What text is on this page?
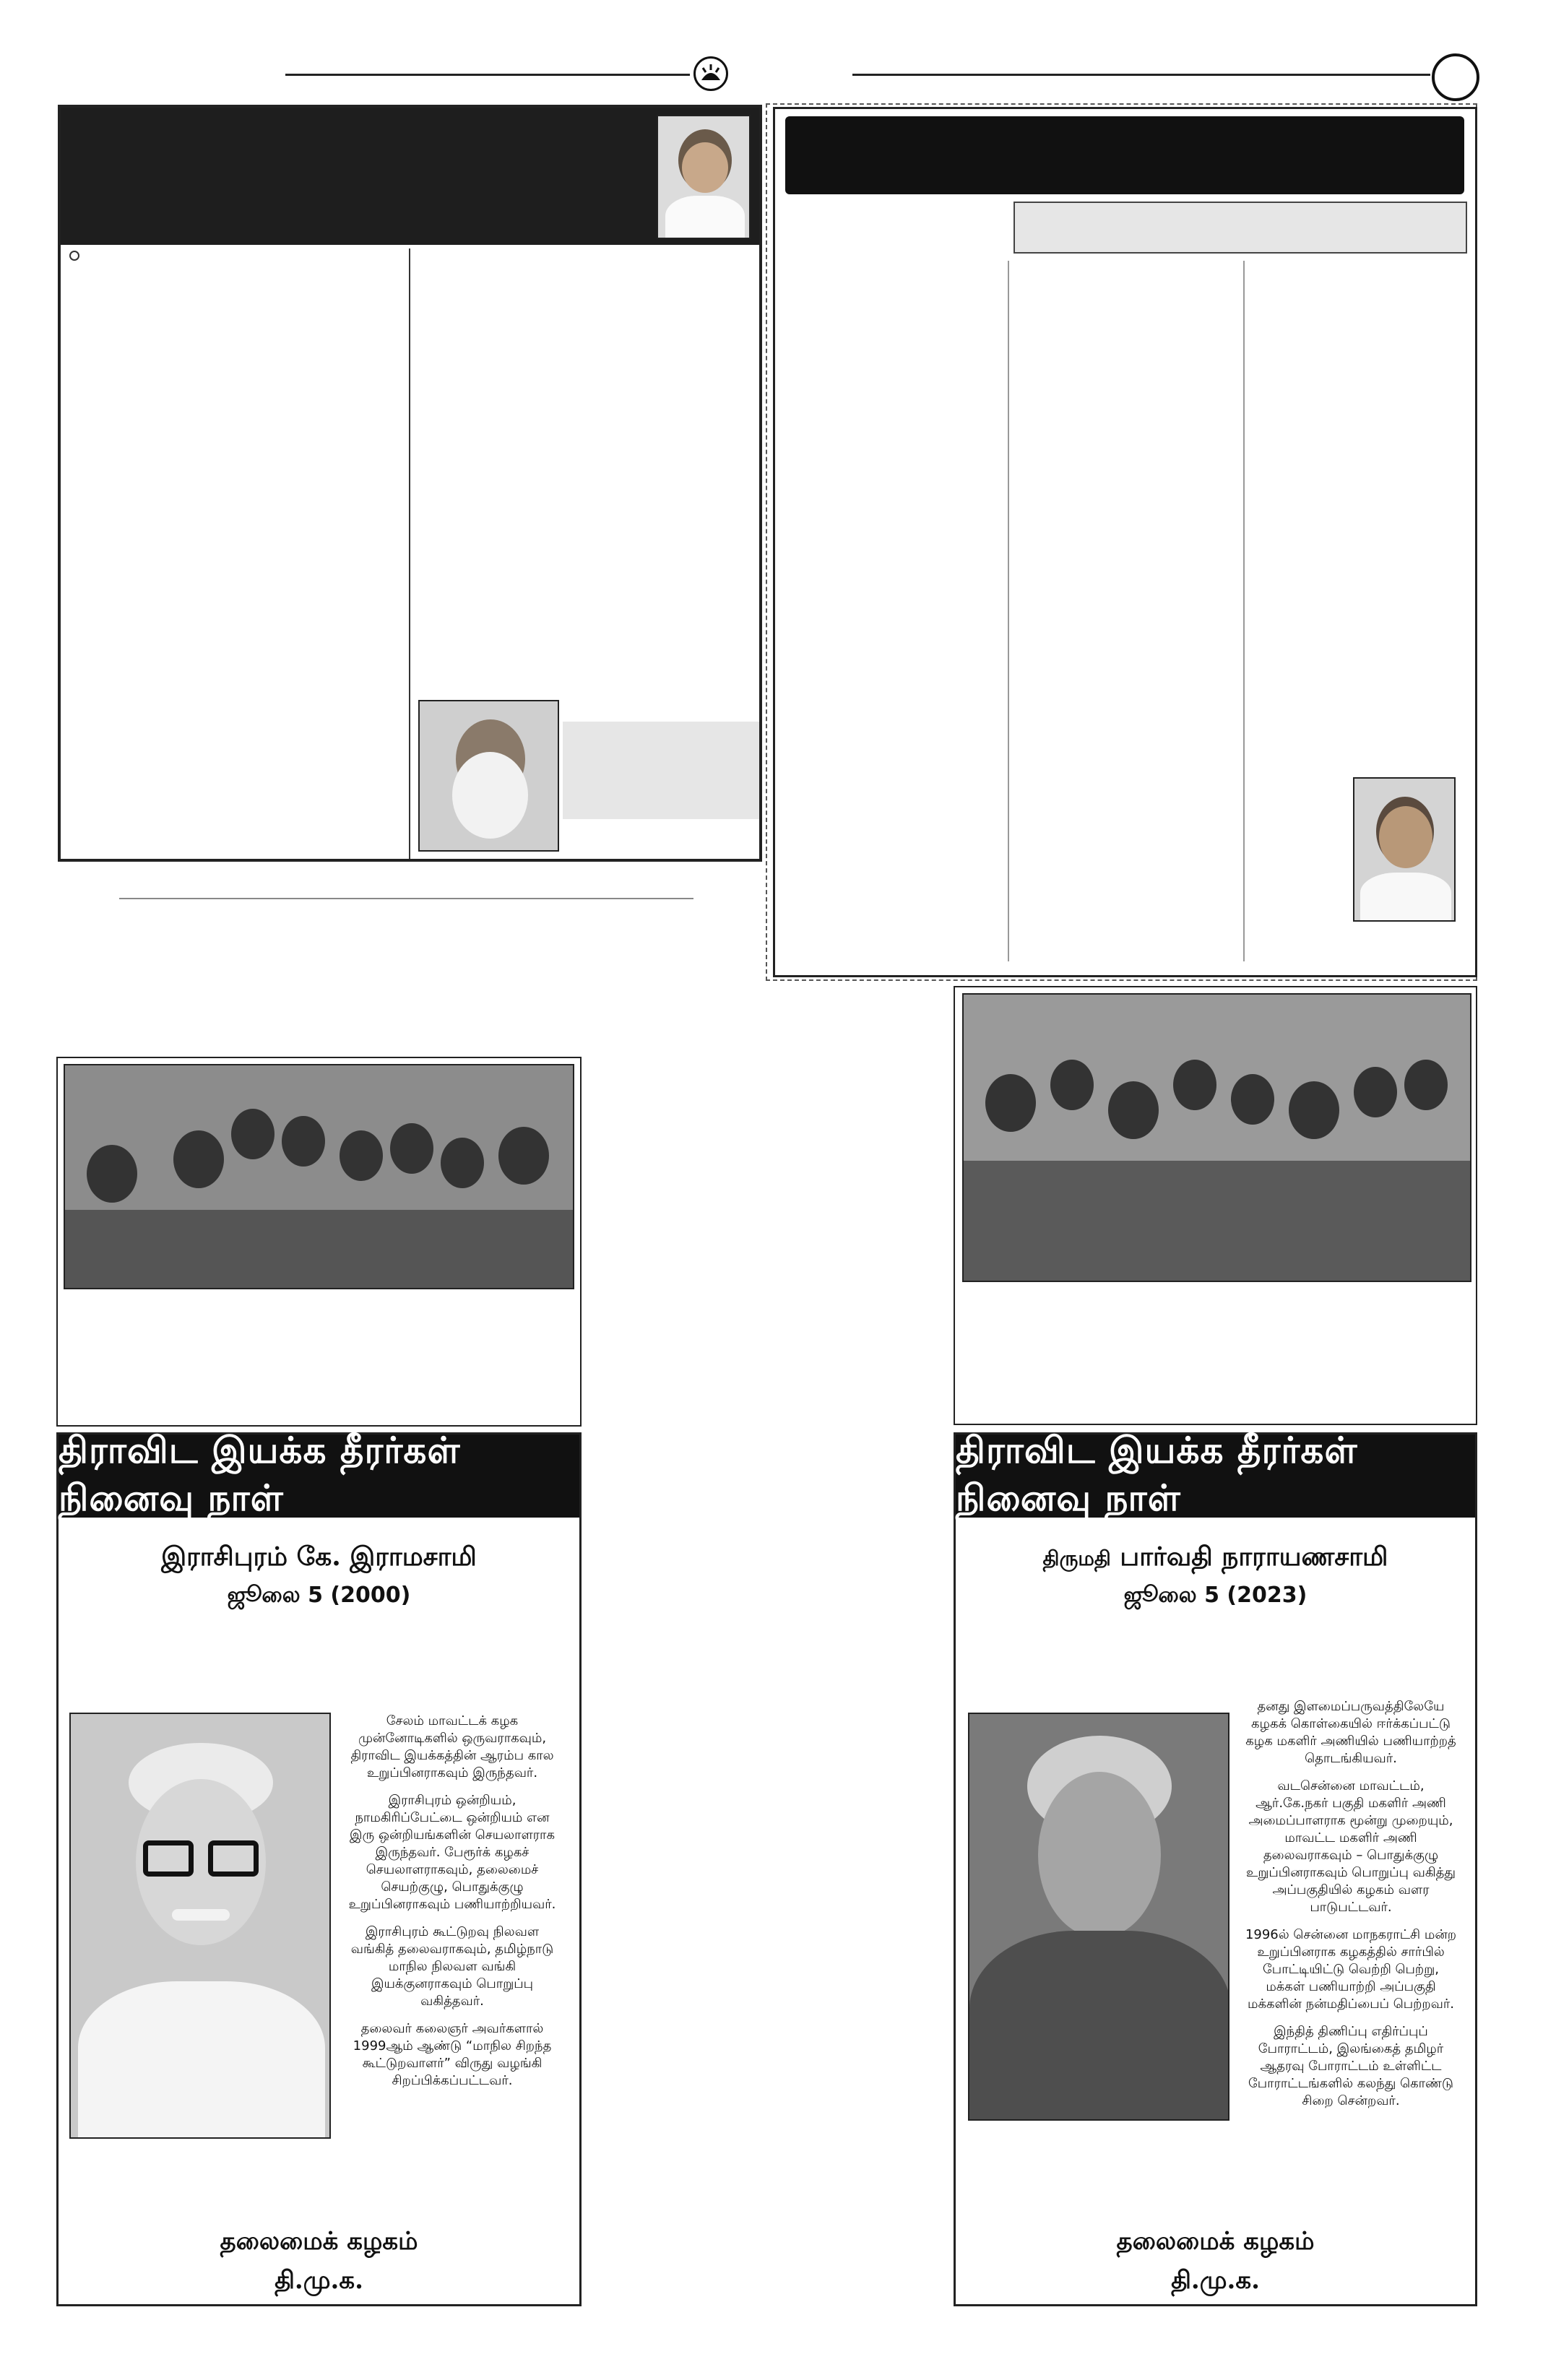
திராவிட இயக்க தீரர்கள் நினைவு நாள்
இராசிபுரம் கே. இராமசாமி
ஜூலை 5 (2000)

சேலம் மாவட்டக் கழக முன்னோடிகளில் ஒருவராகவும், திராவிட இயக்கத்தின் ஆரம்ப கால உறுப்பினராகவும் இருந்தவர்.

இராசிபுரம் ஒன்றியம், நாமகிரிப்பேட்டை ஒன்றியம் என இரு ஒன்றியங்களின் செயலாளராக இருந்தவர். பேரூர்க் கழகச் செயலாளராகவும், தலைமைச் செயற்குழு, பொதுக்குழு உறுப்பினராகவும் பணியாற்றியவர்.

இராசிபுரம் கூட்டுறவு நிலவள வங்கித் தலைவராகவும், தமிழ்நாடு மாநில நிலவள வங்கி இயக்குனராகவும் பொறுப்பு வகித்தவர்.

தலைவர் கலைஞர் அவர்களால் 1999ஆம் ஆண்டு “மாநில சிறந்த கூட்டுறவாளர்” விருது வழங்கி சிறப்பிக்கப்பட்டவர்.

தலைமைக் கழகம்
தி.மு.க.
திராவிட இயக்க தீரர்கள் நினைவு நாள்
திருமதி பார்வதி நாராயணசாமி
ஜூலை 5 (2023)

தனது இளமைப்பருவத்திலேயே கழகக் கொள்கையில் ஈர்க்கப்பட்டு கழக மகளிர் அணியில் பணியாற்றத் தொடங்கியவர்.

வடசென்னை மாவட்டம், ஆர்.கே.நகர் பகுதி மகளிர் அணி அமைப்பாளராக மூன்று முறையும், மாவட்ட மகளிர் அணி தலைவராகவும் – பொதுக்குழு உறுப்பினராகவும் பொறுப்பு வகித்து அப்பகுதியில் கழகம் வளர பாடுபட்டவர்.

1996ல் சென்னை மாநகராட்சி மன்ற உறுப்பினராக கழகத்தில் சார்பில் போட்டியிட்டு வெற்றி பெற்று, மக்கள் பணியாற்றி அப்பகுதி மக்களின் நன்மதிப்பைப் பெற்றவர்.

இந்தித் திணிப்பு எதிர்ப்புப் போராட்டம், இலங்கைத் தமிழர் ஆதரவு போராட்டம் உள்ளிட்ட போராட்டங்களில் கலந்து கொண்டு சிறை சென்றவர்.

தலைமைக் கழகம்
தி.மு.க.
